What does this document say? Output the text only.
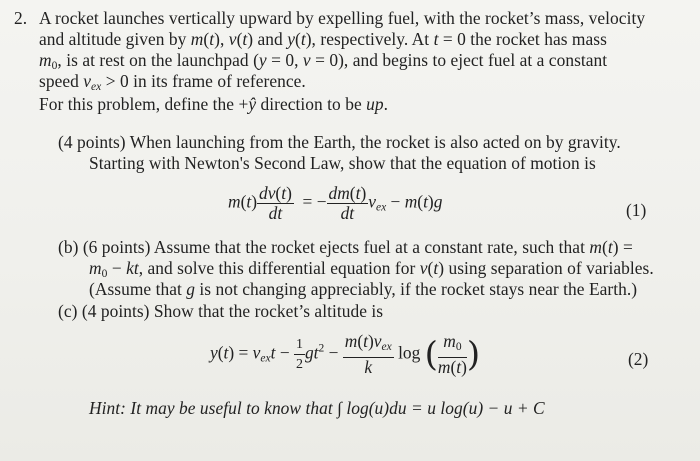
2. A rocket launches vertically upward by expelling fuel, with the rocket’s mass, velocity
and altitude given by m(t), v(t) and y(t), respectively. At t = 0 the rocket has mass
$m_0$, is at rest on the launchpad (y = 0, v = 0), and begins to eject fuel at a constant
speed $v_{ex} > 0$ in its frame of reference.
For this problem, define the +ŷ direction to be up.
(4 points) When launching from the Earth, the rocket is also acted on by gravity.
Starting with Newton's Second Law, show that the equation of motion is
$m(t) \frac{dv(t)}{dt}$ = − $\frac{dm(t)}{dt} v_{ex} - m(t)g$	(1)
(b) (6 points) Assume that the rocket ejects fuel at a constant rate, such that m(t) =
$m_0$ − kt, and solve this differential equation for v(t) using separation of variables.
(Assume that g is not changing appreciably, if the rocket stays near the Earth.)
(c) (4 points) Show that the rocket’s altitude is
$y(t) = v_{ex}t - \frac{1}{2} gt^2 - \frac{m(t)v_{ex}}{k}$ log ( $\frac{m_0}{m(t)}$ )	(2)
Hint: It may be useful to know that ∫ log(u)du = u log(u) − u + C
